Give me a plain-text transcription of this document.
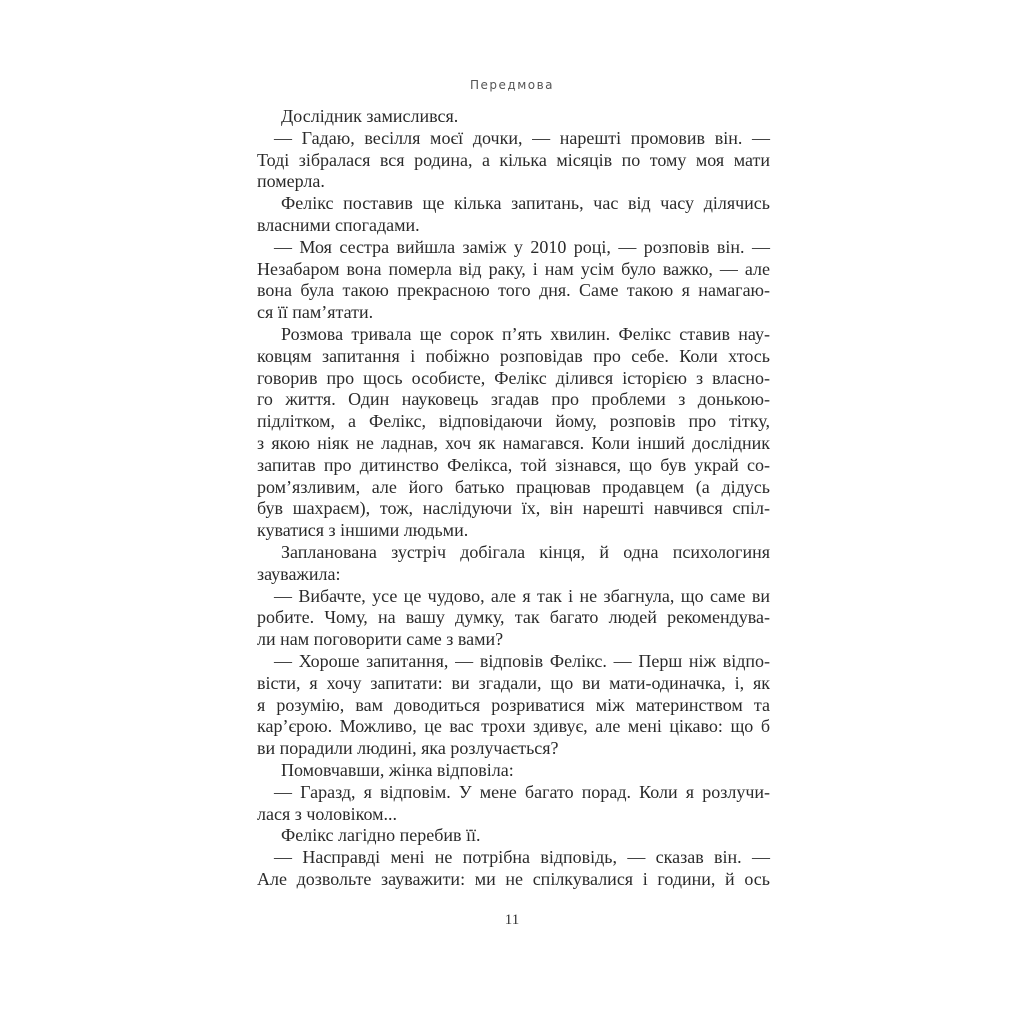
Передмова
Дослідник замислився.
— Гадаю, весілля моєї дочки, — нарешті промовив він. —
Тоді зібралася вся родина, а кілька місяців по тому моя мати
померла.
Фелікс поставив ще кілька запитань, час від часу ділячись
власними спогадами.
— Моя сестра вийшла заміж у 2010 році, — розповів він. —
Незабаром вона померла від раку, і нам усім було важко, — але
вона була такою прекрасною того дня. Саме такою я намагаю-
ся її пам’ятати.
Розмова тривала ще сорок п’ять хвилин. Фелікс ставив нау-
ковцям запитання і побіжно розповідав про себе. Коли хтось
говорив про щось особисте, Фелікс ділився історією з власно-
го життя. Один науковець згадав про проблеми з донькою-
підлітком, а Фелікс, відповідаючи йому, розповів про тітку,
з якою ніяк не ладнав, хоч як намагався. Коли інший дослідник
запитав про дитинство Фелікса, той зізнався, що був украй со-
ром’язливим, але його батько працював продавцем (а дідусь
був шахраєм), тож, наслідуючи їх, він нарешті навчився спіл-
куватися з іншими людьми.
Запланована зустріч добігала кінця, й одна психологиня
зауважила:
— Вибачте, усе це чудово, але я так і не збагнула, що саме ви
робите. Чому, на вашу думку, так багато людей рекомендува-
ли нам поговорити саме з вами?
— Хороше запитання, — відповів Фелікс. — Перш ніж відпо-
вісти, я хочу запитати: ви згадали, що ви мати-одиначка, і, як
я розумію, вам доводиться розриватися між материнством та
кар’єрою. Можливо, це вас трохи здивує, але мені цікаво: що б
ви порадили людині, яка розлучається?
Помовчавши, жінка відповіла:
— Гаразд, я відповім. У мене багато порад. Коли я розлучи-
лася з чоловіком...
Фелікс лагідно перебив її.
— Насправді мені не потрібна відповідь, — сказав він. —
Але дозвольте зауважити: ми не спілкувалися і години, й ось
11
